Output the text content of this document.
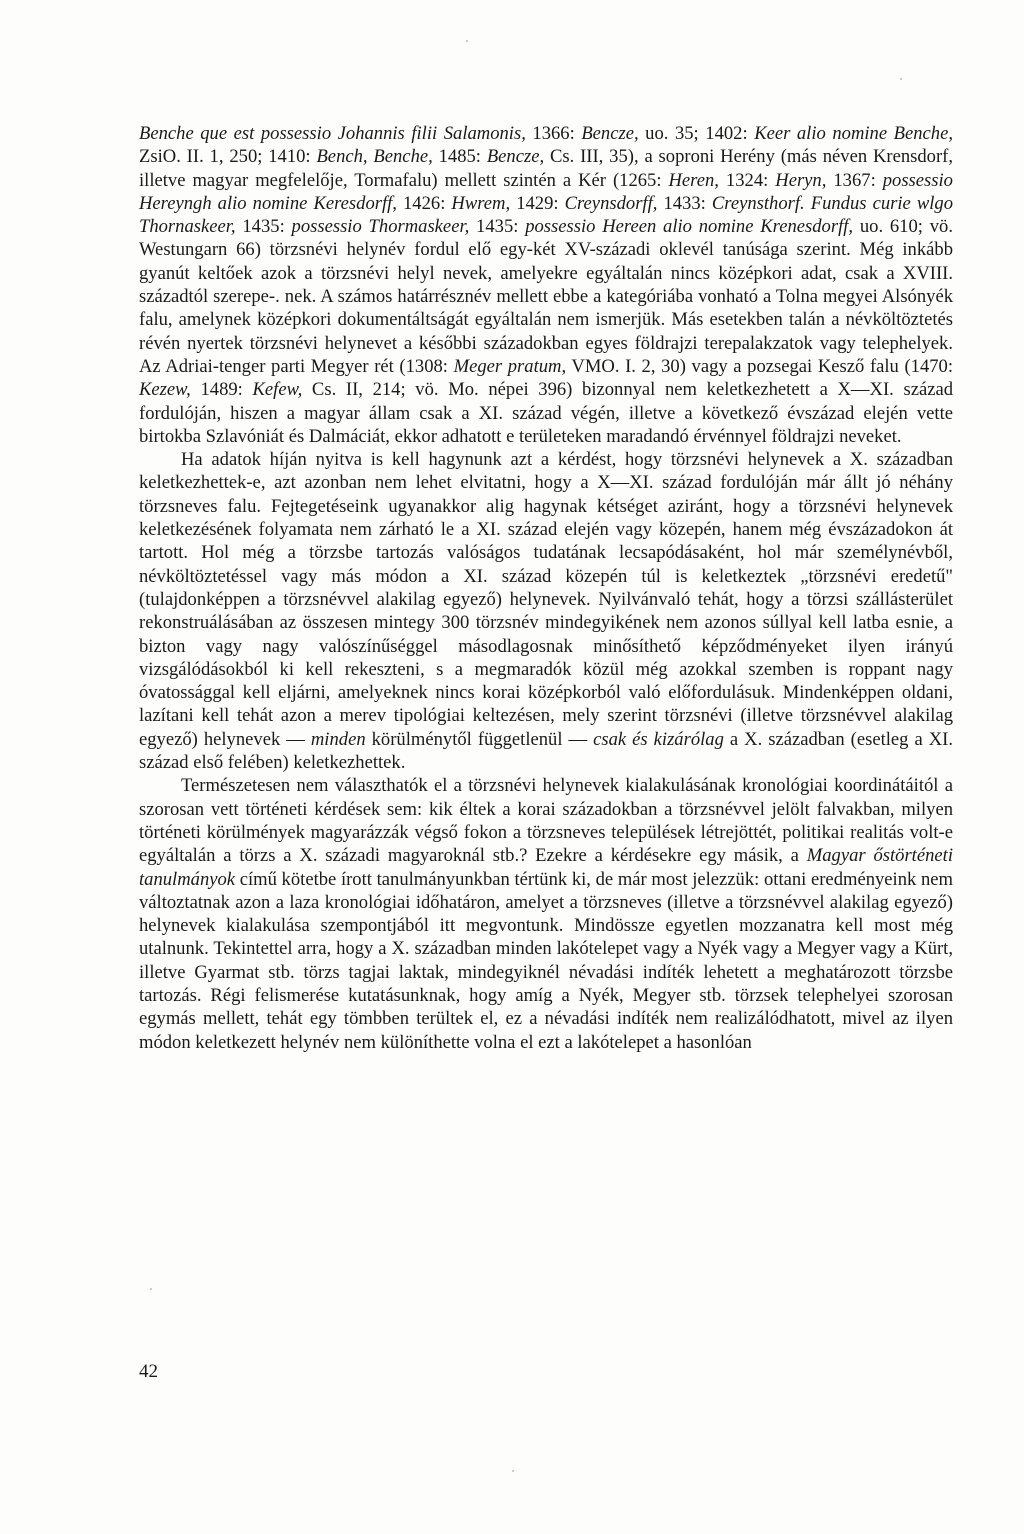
Benche que est possessio Johannis filii Salamonis, 1366: Bencze, uo. 35; 1402: Keer alio nomine Benche, ZsiO. II. 1, 250; 1410: Bench, Benche, 1485: Bencze, Cs. III, 35), a soproni Herény (más néven Krensdorf, illetve magyar megfelelője, Tormafalu) mellett szintén a Kér (1265: Heren, 1324: Heryn, 1367: possessio Hereyngh alio nomine Keresdorff, 1426: Hwrem, 1429: Creynsdorff, 1433: Creynsthorf. Fundus curie wlgo Thornaskeer, 1435: possessio Thormaskeer, 1435: possessio Hereen alio nomine Krenesdorff, uo. 610; vö. Westungarn 66) törzsnévi helynév fordul elő egy-két XV-századi oklevél tanúsága szerint. Még inkább gyanút keltőek azok a törzsnévi helyl nevek, amelyekre egyáltalán nincs középkori adat, csak a XVIII. századtól szerepe-. nek. A számos határrésznév mellett ebbe a kategóriába vonható a Tolna megyei Alsónyék falu, amelynek középkori dokumentáltságát egyáltalán nem ismerjük. Más esetekben talán a névköltöztetés révén nyertek törzsnévi helynevet a későbbi századokban egyes földrajzi terepalakzatok vagy telephelyek. Az Adriai-tenger parti Megyer rét (1308: Meger pratum, VMO. I. 2, 30) vagy a pozsegai Kesző falu (1470: Kezew, 1489: Kefew, Cs. II, 214; vö. Mo. népei 396) bizonnyal nem keletkezhetett a X—XI. század fordulóján, hiszen a magyar állam csak a XI. század végén, illetve a következő évszázad elején vette birtokba Szlavóniát és Dalmáciát, ekkor adhatott e területeken maradandó érvénnyel földrajzi neveket.

Ha adatok híján nyitva is kell hagynunk azt a kérdést, hogy törzsnévi helynevek a X. században keletkezhettek-e, azt azonban nem lehet elvitatni, hogy a X—XI. század fordulóján már állt jó néhány törzsneves falu. Fejtegetéseink ugyanakkor alig hagynak kétséget aziránt, hogy a törzsnévi helynevek keletkezésének folyamata nem zárható le a XI. század elején vagy közepén, hanem még évszázadokon át tartott. Hol még a törzsbe tartozás valóságos tudatának lecsapódásaként, hol már személynévből, névköltöztetéssel vagy más módon a XI. század közepén túl is keletkeztek „törzsnévi eredetű" (tulajdonképpen a törzsnévvel alakilag egyező) helynevek. Nyilvánvaló tehát, hogy a törzsi szállásterület rekonstruálásában az összesen mintegy 300 törzsnév mindegyikének nem azonos súllyal kell latba esnie, a bizton vagy nagy valószínűséggel másodlagosnak minősíthető képződményeket ilyen irányú vizsgálódásokból ki kell rekeszteni, s a megmaradók közül még azokkal szemben is roppant nagy óvatossággal kell eljárni, amelyeknek nincs korai középkorból való előfordulásuk. Mindenképpen oldani, lazítani kell tehát azon a merev tipológiai keltezésen, mely szerint törzsnévi (illetve törzsnévvel alakilag egyező) helynevek — minden körülménytől függetlenül — csak és kizárólag a X. században (esetleg a XI. század első felében) keletkezhettek.

Természetesen nem választhatók el a törzsnévi helynevek kialakulásának kronológiai koordinátáitól a szorosan vett történeti kérdések sem: kik éltek a korai századokban a törzsnévvel jelölt falvakban, milyen történeti körülmények magyarázzák végső fokon a törzsneves települések létrejöttét, politikai realitás volt-e egyáltalán a törzs a X. századi magyaroknál stb.? Ezekre a kérdésekre egy másik, a Magyar őstörténeti tanulmányok című kötetbe írott tanulmányunkban tértünk ki, de már most jelezzük: ottani eredményeink nem változtatnak azon a laza kronológiai időhatáron, amelyet a törzsneves (illetve a törzsnévvel alakilag egyező) helynevek kialakulása szempontjából itt megvontunk. Mindössze egyetlen mozzanatra kell most még utalnunk. Tekintettel arra, hogy a X. században minden lakótelepet vagy a Nyék vagy a Megyer vagy a Kürt, illetve Gyarmat stb. törzs tagjai laktak, mindegyiknél névadási indíték lehetett a meghatározott törzsbe tartozás. Régi felismerése kutatásunknak, hogy amíg a Nyék, Megyer stb. törzsek telephelyei szorosan egymás mellett, tehát egy tömbben terültek el, ez a névadási indíték nem realizálódhatott, mivel az ilyen módon keletkezett helynév nem különíthette volna el ezt a lakótelepet a hasonlóan

42
